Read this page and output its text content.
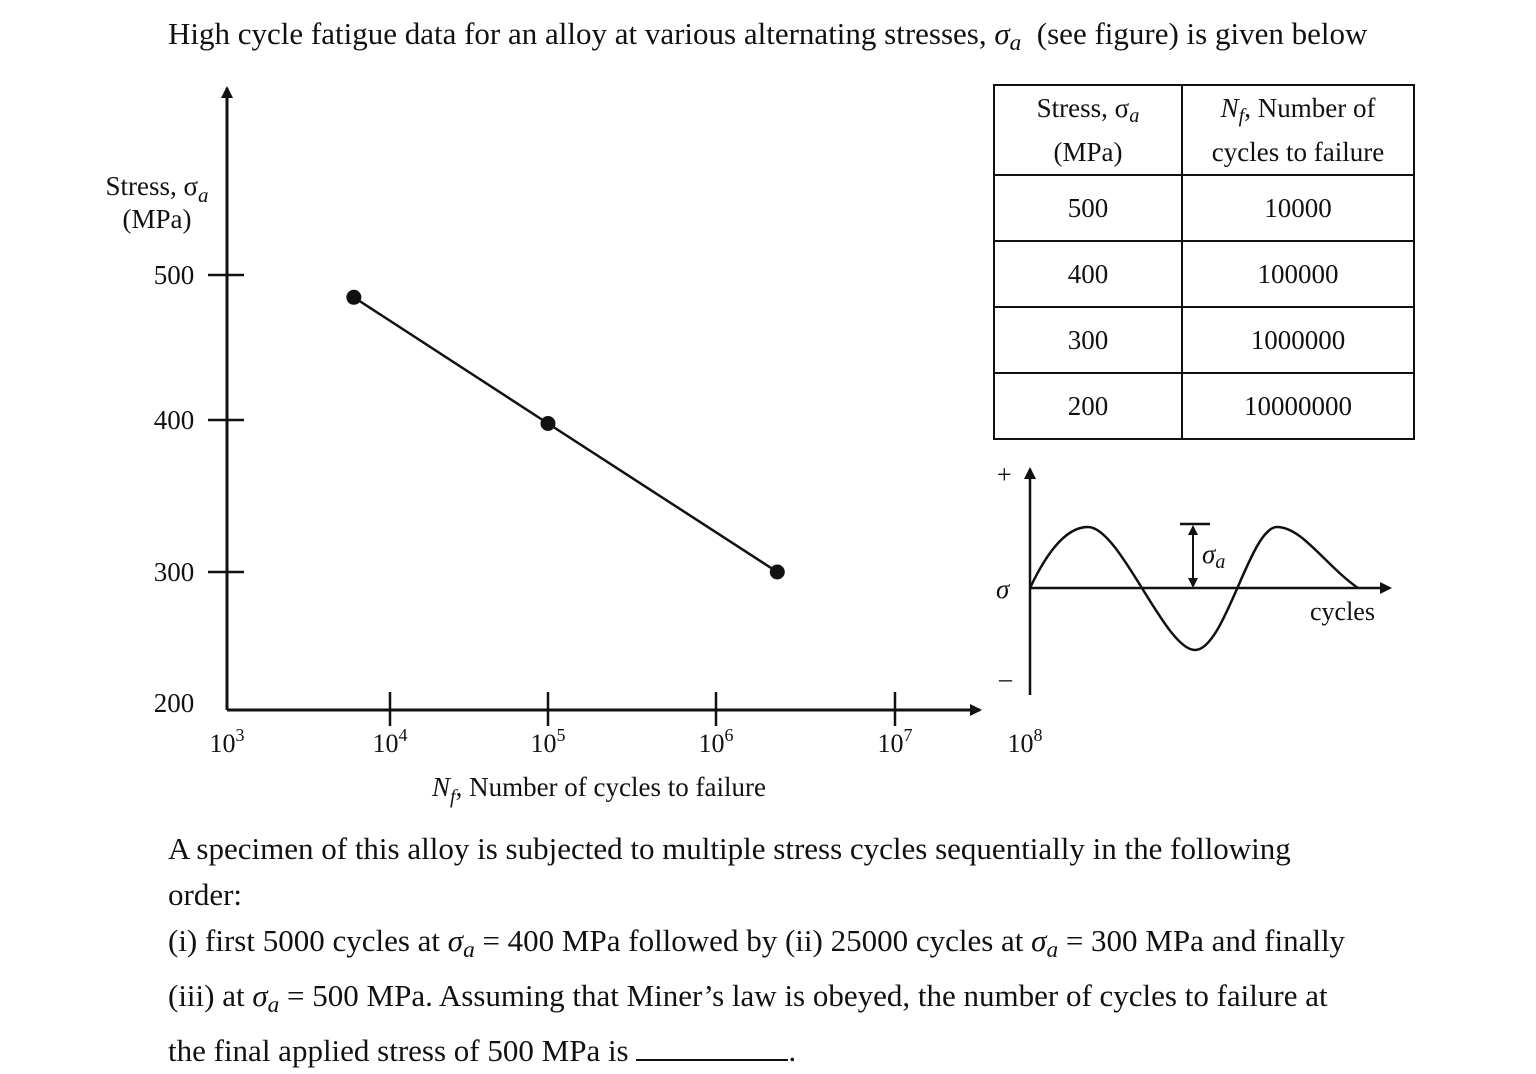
High cycle fatigue data for an alloy at various alternating stresses, $\sigma_a$ (see figure) is given below
Stress, $\sigma_a$
(MPa)
$N_f$, Number of cycles to failure
500
400
300
200
$10^3$	$10^4$	$10^5$	$10^6$	$10^7$	$10^8$
Stress, $\sigma_a$
(MPa)	$N_f$, Number of
cycles to failure
500	10000
400	100000
300	1000000
200	10000000
σa
+
–
σ
cycles
A specimen of this alloy is subjected to multiple stress cycles sequentially in the following order:
(i) first 5000 cycles at $\sigma_a = 400$ MPa followed by (ii) 25000 cycles at $\sigma_a = 300$ MPa and finally
(iii) at $\sigma_a = 500$ MPa. Assuming that Miner’s law is obeyed, the number of cycles to failure at
the final applied stress of 500 MPa is	.
